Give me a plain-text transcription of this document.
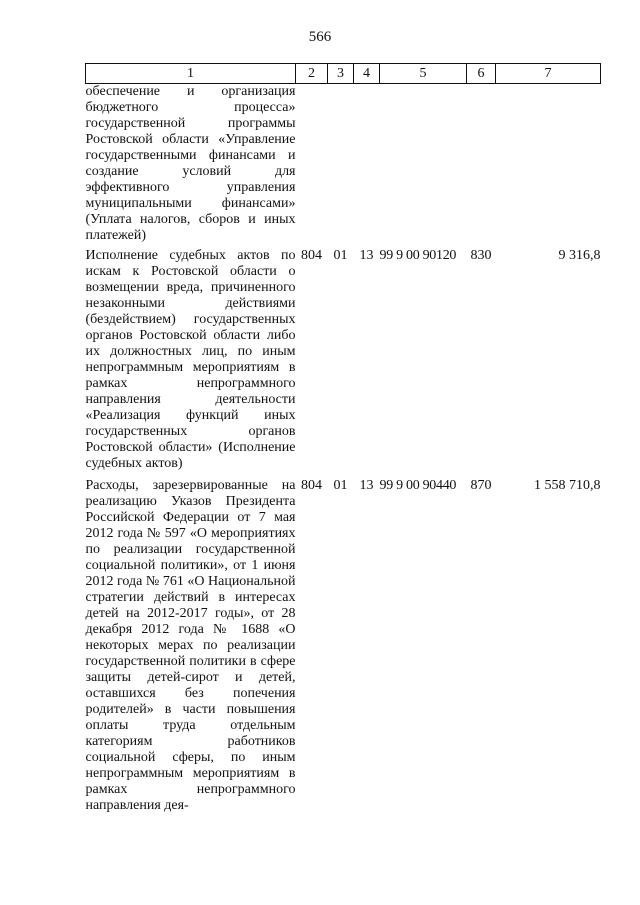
566
1	2	3	4	5	6	7
обеспечение и организация бюджетного процесса» государственной программы Ростовской области «Управление государственными финансами и создание условий для эффективного управления муниципальными финансами» (Уплата налогов, сборов и иных платежей)						
Исполнение судебных актов по искам к Ростовской области о возмещении вреда, причиненного незаконными действиями (бездействием) государственных органов Ростовской области либо их должностных лиц, по иным непрограммным мероприятиям в рамках непрограммного направления деятельности «Реализация функций иных государственных органов Ростовской области» (Исполнение судебных актов)	804	01	13	99 9 00 90120	830	9 316,8
Расходы, зарезервированные на реализацию Указов Президента Российской Федерации от 7 мая 2012 года № 597 «О мероприятиях по реализации государственной социальной политики», от 1 июня 2012 года № 761 «О Национальной стратегии действий в интересах детей на 2012-2017 годы», от 28 декабря 2012 года № 1688 «О некоторых мерах по реализации государственной политики в сфере защиты детей-сирот и детей, оставшихся без попечения родителей» в части повышения оплаты труда отдельным категориям работников социальной сферы, по иным непрограммным мероприятиям в рамках непрограммного направления дея-	804	01	13	99 9 00 90440	870	1 558 710,8
